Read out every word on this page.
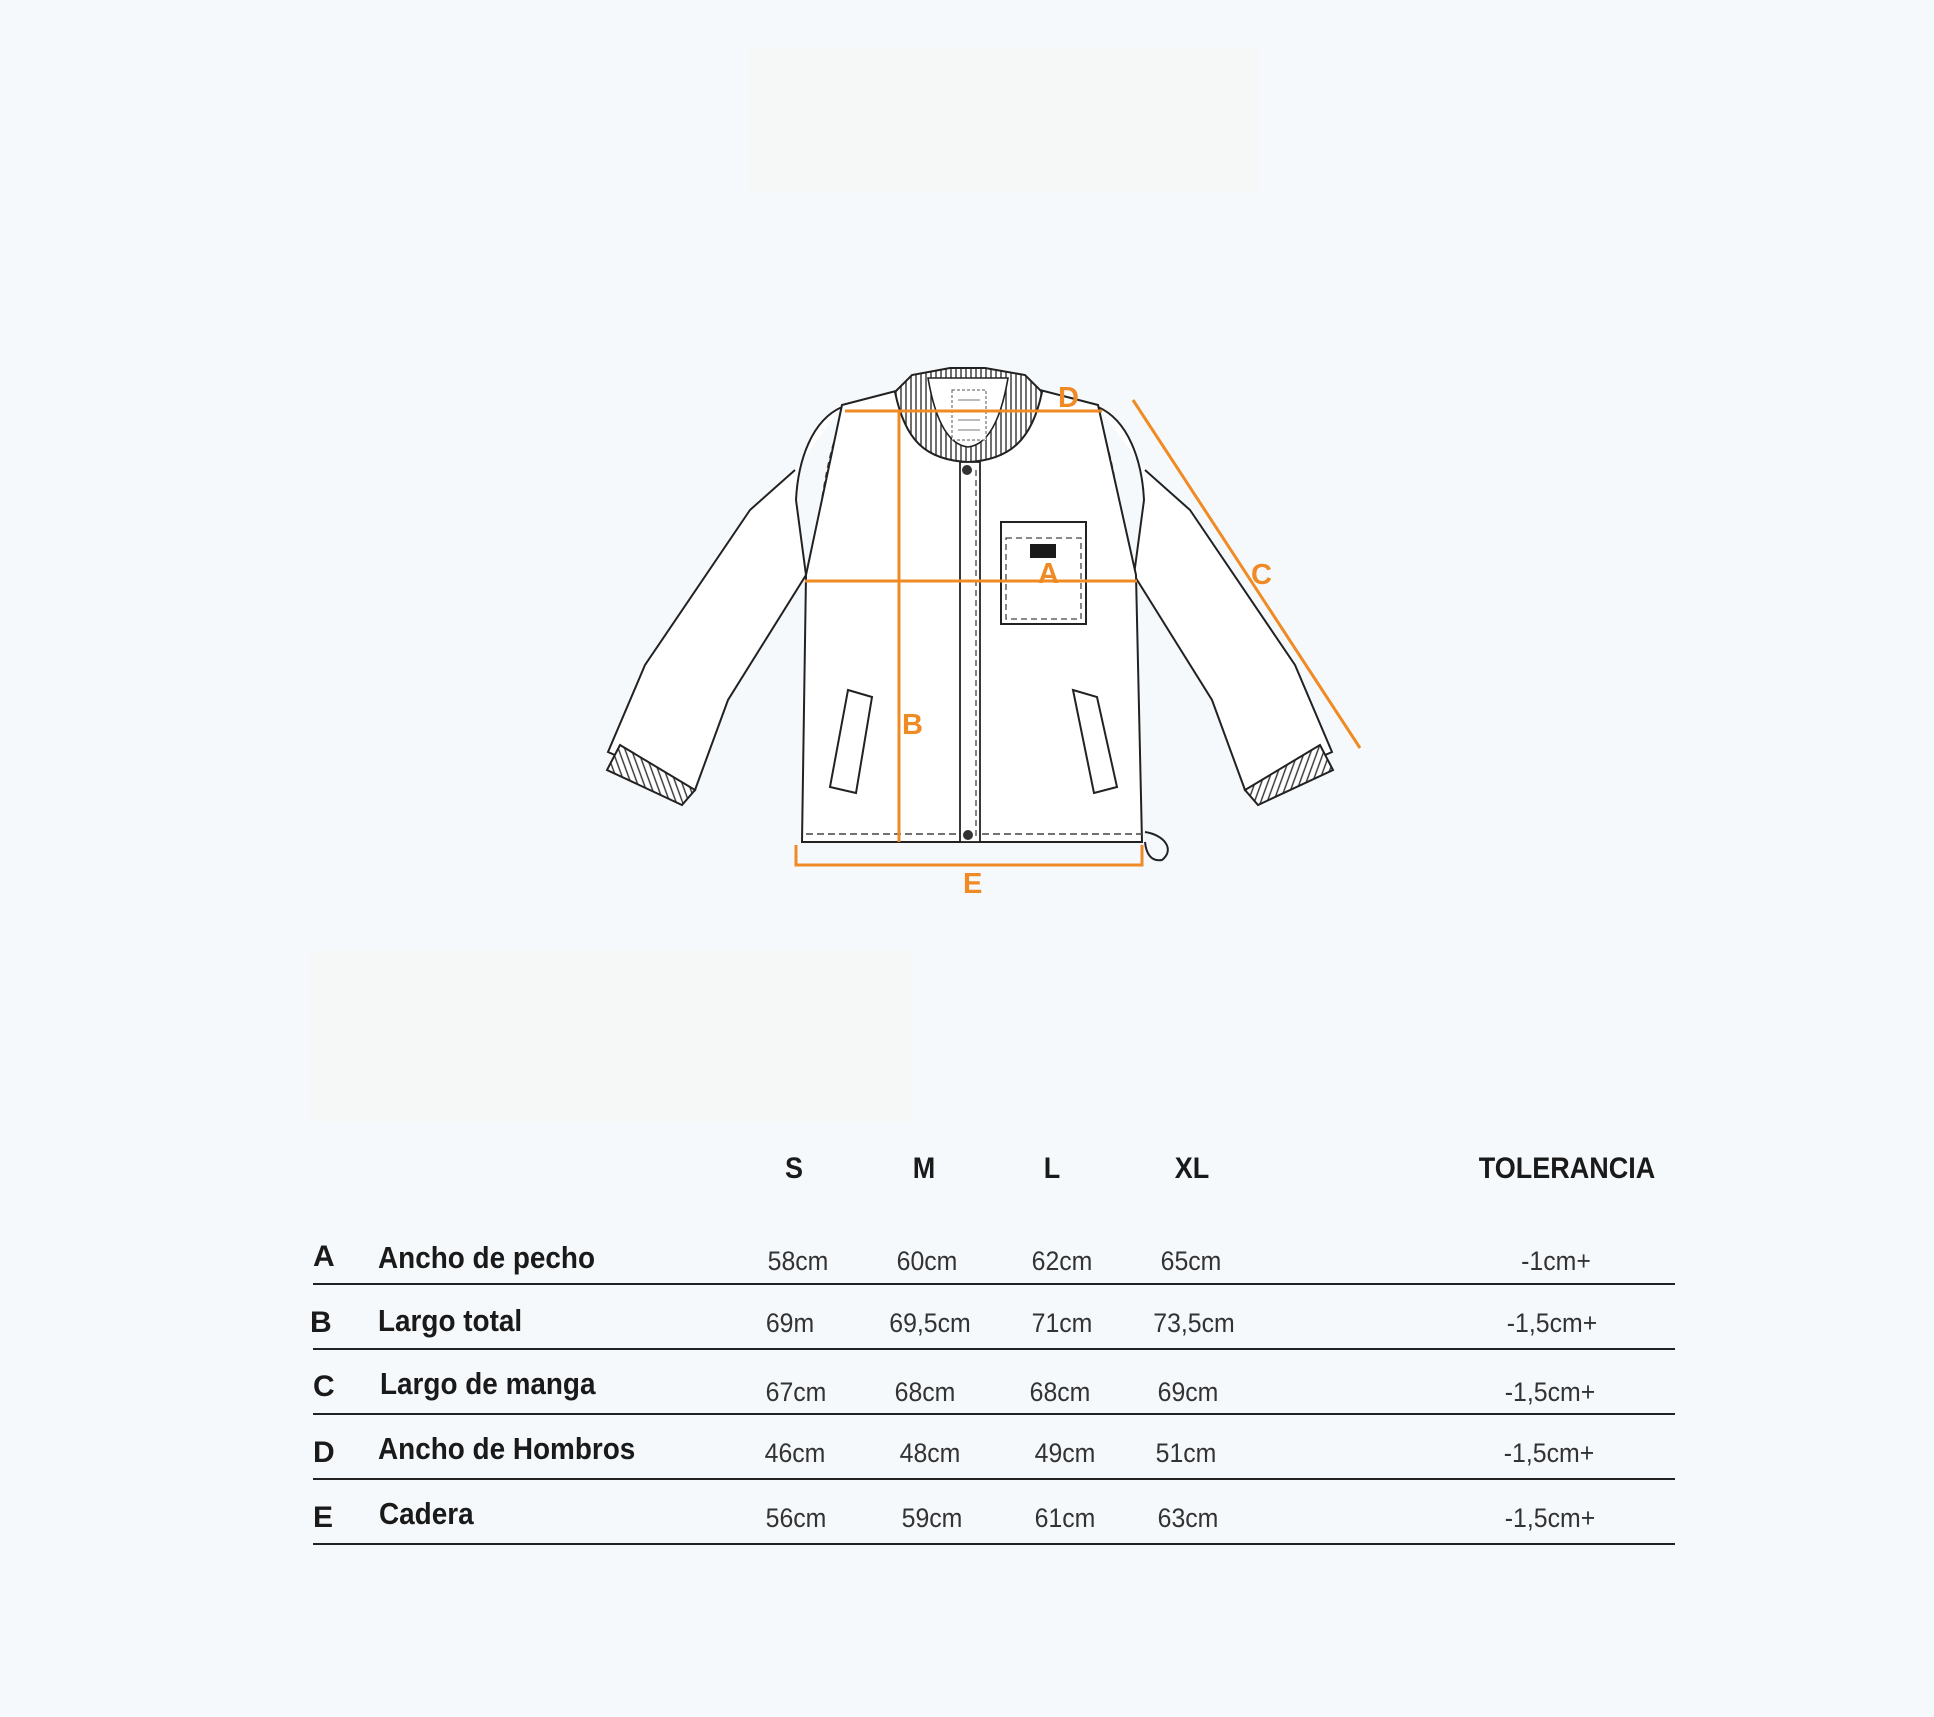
D
A
B
C
E
S	M	L	XL	TOLERANCIA
A Ancho de pecho	58cm	60cm	62cm	65cm	-1cm+
B Largo total	69m	69,5cm	71cm	73,5cm	-1,5cm+
C Largo de manga	67cm	68cm	68cm	69cm	-1,5cm+
D Ancho de Hombros	46cm	48cm	49cm	51cm	-1,5cm+
E Cadera	56cm	59cm	61cm	63cm	-1,5cm+
